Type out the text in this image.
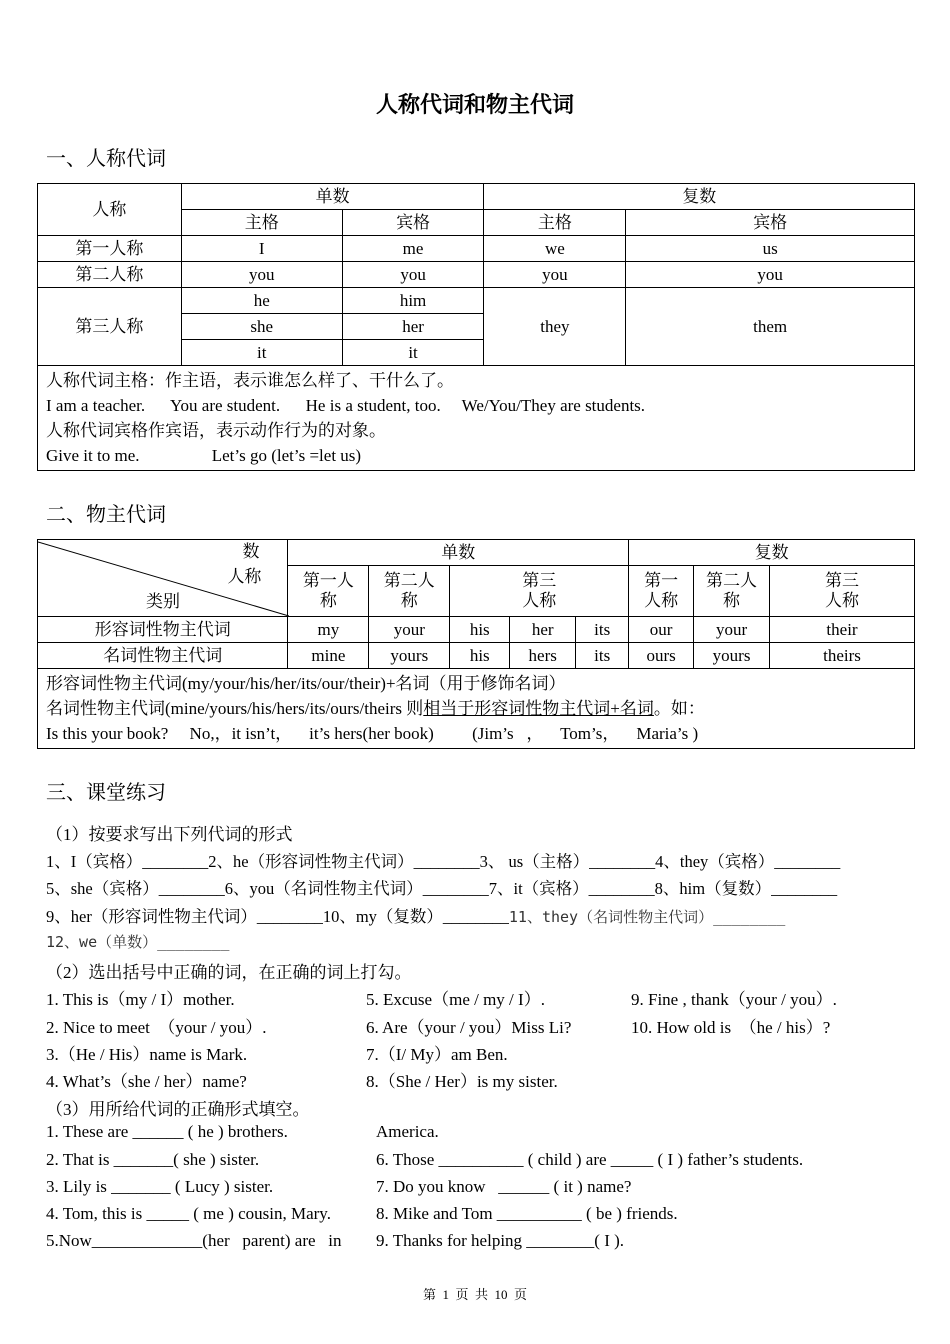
人称代词和物主代词
一、人称代词
人称	单数		复数	
	主格	宾格	主格	宾格
第一人称	I	me	we	us
第二人称	you	you	you	you
第三人称	he	him	they	them
	she	her		
	it	it		

人称代词主格：作主语，表示谁怎么样了、干什么了。
I am a teacher.      You are student.      He is a student, too.     We/You/They are students.
人称代词宾格作宾语，表示动作行为的对象。
Give it to me.                 Let’s go (let’s =let us)				
二、物主代词
数
人称
类别	单数					复数		
	第一人称	第二人称	第三人称			第一人称	第二人称	第三人称
形容词性物主代词	my	your	his	her	its	our	your	their
名词性物主代词	mine	yours	his	hers	its	ours	yours	theirs

形容词性物主代词(my/your/his/her/its/our/their)+名词（用于修饰名词）
名词性物主代词(mine/yours/his/hers/its/ours/theirs 则相当于形容词性物主代词+名词。如：
Is this your book?     No,，it isn’t，    it’s hers(her book)         (Jim’s   ，    Tom’s，    Maria’s )								
三、课堂练习
（1）按要求写出下列代词的形式
1、I（宾格）________2、he（形容词性物主代词）________3、 us（主格）________4、they（宾格）________
5、she（宾格）________6、you（名词性物主代词）________7、it（宾格）________8、him（复数）________
9、her（形容词性物主代词）________10、my（复数）________11、they（名词性物主代词）________
12、we（单数）________
（2）选出括号中正确的词，在正确的词上打勾。
1. This is（my / I）mother.
2. Nice to meet  （your / you）.
3.（He / His）name is Mark.
4. What’s（she / her）name?
5. Excuse（me / my / I）.
6. Are（your / you）Miss Li?
7.（I/ My）am Ben.
8.（She / Her）is my sister.
9. Fine , thank（your / you）.
10. How old is  （he / his）?
（3）用所给代词的正确形式填空。
1. These are ______ ( he ) brothers.
2. That is _______( she ) sister.
3. Lily is _______ ( Lucy ) sister.
4. Tom, this is _____ ( me ) cousin, Mary.
5.Now_____________(her   parent) are   in
America.
6. Those __________ ( child ) are _____ ( I ) father’s students.
7. Do you know   ______ ( it ) name?
8. Mike and Tom __________ ( be ) friends.
9. Thanks for helping ________( I ).
第  1  页  共  10  页
